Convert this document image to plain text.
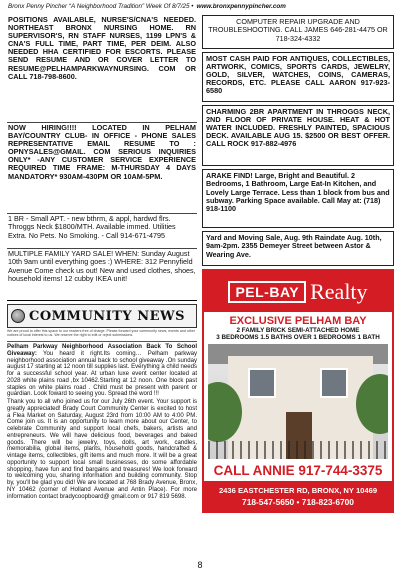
Bronx Penny Pincher “A Neighborhood Tradition” Week Of 8/7/25 • www.bronxpennypincher.com
POSITIONS AVAILABLE, NURSE'S/CNA'S NEEDED. NORTHEAST BRONX NURSING HOME. RN SUPERVISOR'S, RN STAFF NURSES, 1199 LPN'S & CNA'S FULL TIME, PART TIME, PER DEIM. ALSO NEEDED HHA CERTIFIED FOR ESCORTS. PLEASE SEND RESUME AND OR COVER LETTER TO RESUME@PELHAMPARKWAYNURSING. COM OR CALL 718-798-8600.
NOW HIRING!!!! LOCATED IN PELHAM BAY/COUNTRY CLUB- IN OFFICE - PHONE SALES REPRESENTATIVE EMAIL RESUME TO : OPNYSALES@GMAIL. COM SERIOUS INQUIRIES ONLY* -ANY CUSTOMER SERVICE EXPERIENCE REQUIRED TIME FRAME: M-THURSDAY 4 DAYS MANDATORY* 930AM-430PM OR 10AM-5PM.
1 BR - Small APT. - new bthrm, & appl, hardwd flrs. Throggs Neck $1800/MTH. Available immed. Utilities Extra. No Pets. No Smoking. - Call 914-671-4795
MULTIPLE FAMILY YARD SALE! WHEN: Sunday August 10th 9am until everything goes :) WHERE: 312 Pennyfield Avenue Come check us out! New and used clothes, shoes, household items! 12 cubby IKEA unit!
COMMUNITY NEWS
We are proud to offer this space to our readers free of charge. Please forward your community news, events and other notices of local interest to us. We reserve the right to edit or reject submissions.

Pelham Parkway Neighborhood Association Back To School Giveaway: You heard it right.Its coming… Pelham parkway neighborhood association annual back to school giveaway .On sunday august 17 starting at 12 noon till supplies last. Everything a child needs for a successful school year. At urban luxe event center located at 2028 white plains road ,bx 10462.Starting at 12 noon. One block past staples on white plains road . Child must be present with parent or guardian. Look foward to seeing you. Spread the word !!!

Thank you to all who joined us for our July 26th event. Your support is greatly appreciated! Brady Court Community Center is excited to host a Flea Market on Saturday, August 23rd from 10:00 AM to 4:00 PM. Come join us. It is an opportunity to learn more about our Center, to celebrate Community and support local chefs, bakers, artists and entrepreneurs. We will have delicious food, beverages and baked goods. There will be jewelry, toys, dolls, art work, candles, memorabilia, global items, plants, household goods, handcrafted & vintage items, collectibles, gift items and much more. It will be a great opportunity to support local small businesses, do some affordable shopping, have fun and find bargains and treasures! We look forward to welcoming you, sharing information and building community. Stop by, you'll be glad you did! We are located at 768 Brady Avenue, Bronx, NY 10462 (corner of Holland Avenue and Antin Place). For more information contact bradycoopboard@ gmail.com or 917 819 5698.

COMPUTER REPAIR UPGRADE AND TROUBLESHOOTING. CALL JAMES 646-281-4475 OR 718-324-4332
MOST CASH PAID FOR ANTIQUES, COLLECTIBLES, ARTWORK, COMICS, SPORTS CARDS, JEWELRY, GOLD, SILVER, WATCHES, COINS, CAMERAS, RECORDS, ETC. PLEASE CALL AARON 917-923-6580
CHARMING 2BR APARTMENT IN THROGGS NECK, 2ND FLOOR OF PRIVATE HOUSE. HEAT & HOT WATER INCLUDED. FRESHLY PAINTED, SPACIOUS DECK. AVAILABLE AUG 15. $2500 OR BEST OFFER. CALL ROCK 917-882-4976
ARAKE FIND! Large, Bright and Beautiful. 2 Bedrooms, 1 Bathroom, Large Eat-In Kitchen, and Lovely Large Terrace. Less than 1 block from bus and subway. Parking Space available. Call May at: (718) 918-1100
Yard and Moving Sale, Aug. 9th Raindate Aug. 10th, 9am-2pm. 2355 Demeyer Street between Astor & Wearing Ave.
PEL-BAY Realty
EXCLUSIVE PELHAM BAY
2 FAMILY BRICK SEMI-ATTACHED HOME
3 BEDROOMS 1.5 BATHS OVER 1 BEDROOMS 1 BATH
CALL ANNIE 917-744-3375
2436 EASTCHESTER RD, BRONX, NY 10469
718-547-5650 • 718-823-6700
8
